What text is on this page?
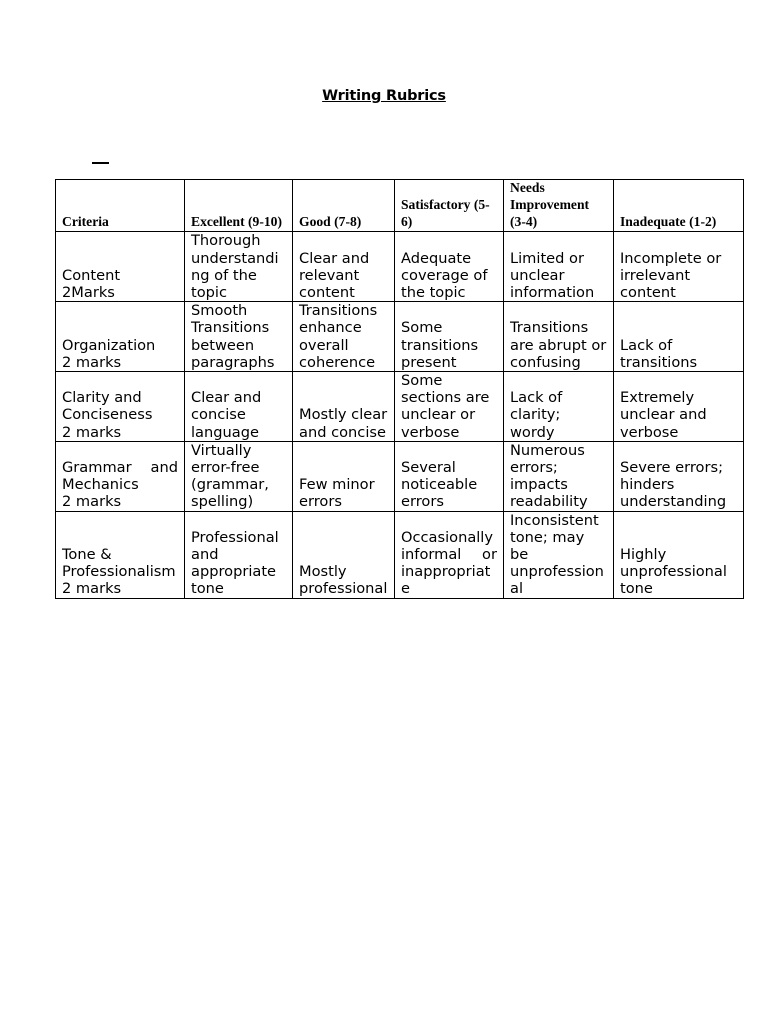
Writing Rubrics
Criteria	Excellent (9-10)	Good (7-8)	Satisfactory (5-6)	Needs Improvement (3-4)	Inadequate (1-2)
Content
2Marks	Thorough understanding of the topic	Clear and relevant content	Adequate coverage of the topic	Limited or unclear information	Incomplete or irrelevant content
Organization
2 marks	Smooth Transitions between paragraphs	Transitions enhance overall coherence	Some transitions present	Transitions are abrupt or confusing	Lack of transitions
Clarity and Conciseness
2 marks	Clear and concise language	Mostly clear and concise	Some sections are unclear or verbose	Lack of clarity; wordy	Extremely unclear and verbose
Grammar and Mechanics
2 marks	Virtually error-free (grammar, spelling)	Few minor errors	Several noticeable errors	Numerous errors; impacts readability	Severe errors; hinders understanding
Tone & Professionalism
2 marks	Professional and appropriate tone	Mostly professional	Occasionally informal or inappropriate	Inconsistent tone; may be unprofessional	Highly unprofessional tone
